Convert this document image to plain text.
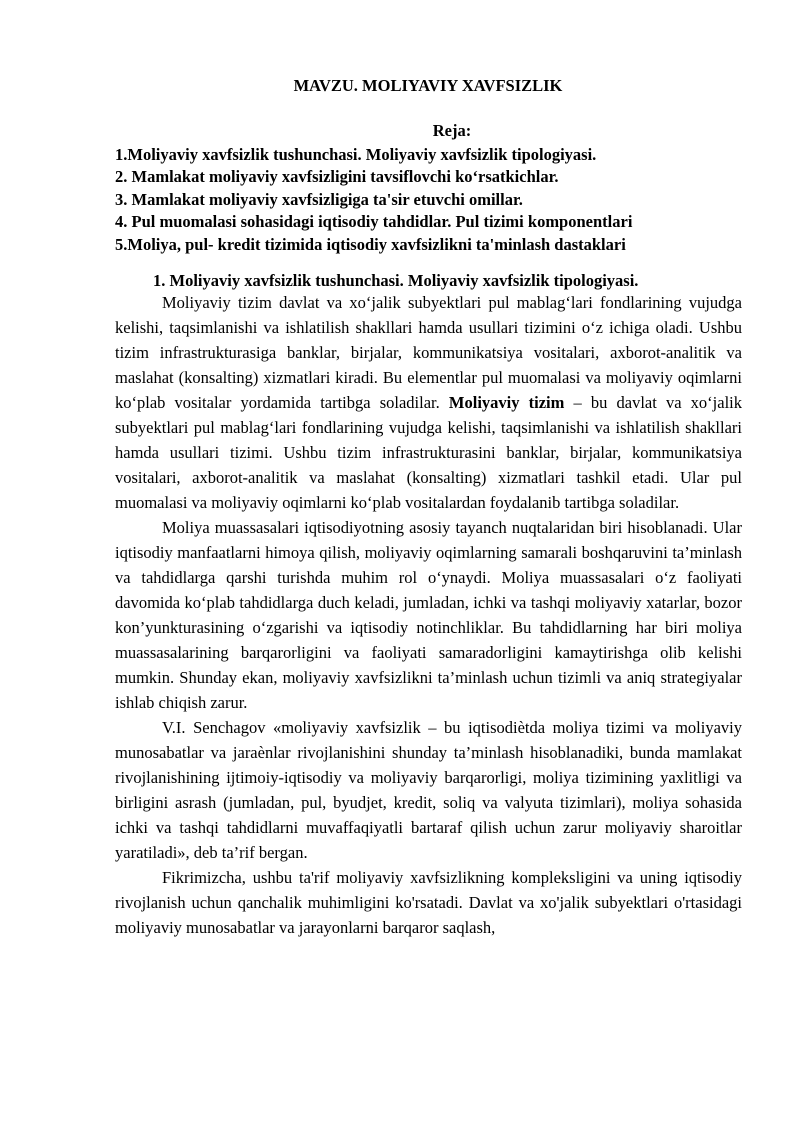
MAVZU. MOLIYAVIY XAVFSIZLIK
Reja:
1.Moliyaviy xavfsizlik tushunchasi. Moliyaviy xavfsizlik tipologiyasi.
2. Mamlakat moliyaviy xavfsizligini tavsiflovchi ko‘rsatkichlar.
3. Mamlakat moliyaviy xavfsizligiga ta'sir etuvchi omillar.
4. Pul muomalasi sohasidagi iqtisodiy tahdidlar. Pul tizimi komponentlari
5.Moliya, pul- kredit tizimida iqtisodiy xavfsizlikni ta'minlash dastaklari
1. Moliyaviy xavfsizlik tushunchasi. Moliyaviy xavfsizlik tipologiyasi.

Moliyaviy tizim davlat va xo‘jalik subyektlari pul mablag‘lari fondlarining vujudga kelishi, taqsimlanishi va ishlatilish shakllari hamda usullari tizimini o‘z ichiga oladi. Ushbu tizim infrastrukturasiga banklar, birjalar, kommunikatsiya vositalari, axborot-analitik va maslahat (konsalting) xizmatlari kiradi. Bu elementlar pul muomalasi va moliyaviy oqimlarni ko‘plab vositalar yordamida tartibga soladilar. Moliyaviy tizim – bu davlat va xo‘jalik subyektlari pul mablag‘lari fondlarining vujudga kelishi, taqsimlanishi va ishlatilish shakllari hamda usullari tizimi. Ushbu tizim infrastrukturasini banklar, birjalar, kommunikatsiya vositalari, axborot-analitik va maslahat (konsalting) xizmatlari tashkil etadi. Ular pul muomalasi va moliyaviy oqimlarni ko‘plab vositalardan foydalanib tartibga soladilar.

Moliya muassasalari iqtisodiyotning asosiy tayanch nuqtalaridan biri hisoblanadi. Ular iqtisodiy manfaatlarni himoya qilish, moliyaviy oqimlarning samarali boshqaruvini ta’minlash va tahdidlarga qarshi turishda muhim rol o‘ynaydi. Moliya muassasalari o‘z faoliyati davomida ko‘plab tahdidlarga duch keladi, jumladan, ichki va tashqi moliyaviy xatarlar, bozor kon’yunkturasining o‘zgarishi va iqtisodiy notinchliklar. Bu tahdidlarning har biri moliya muassasalarining barqarorligini va faoliyati samaradorligini kamaytirishga olib kelishi mumkin. Shunday ekan, moliyaviy xavfsizlikni ta’minlash uchun tizimli va aniq strategiyalar ishlab chiqish zarur.

V.I. Senchagov «moliyaviy xavfsizlik – bu iqtisodiètda moliya tizimi va moliyaviy munosabatlar va jaraènlar rivojlanishini shunday ta’minlash hisoblanadiki, bunda mamlakat rivojlanishining ijtimoiy-iqtisodiy va moliyaviy barqarorligi, moliya tizimining yaxlitligi va birligini asrash (jumladan, pul, byudjet, kredit, soliq va valyuta tizimlari), moliya sohasida ichki va tashqi tahdidlarni muvaffaqiyatli bartaraf qilish uchun zarur moliyaviy sharoitlar yaratiladi», deb ta’rif bergan.

Fikrimizcha, ushbu ta'rif moliyaviy xavfsizlikning kompleksligini va uning iqtisodiy rivojlanish uchun qanchalik muhimligini ko'rsatadi. Davlat va xo'jalik subyektlari o'rtasidagi moliyaviy munosabatlar va jarayonlarni barqaror saqlash,
